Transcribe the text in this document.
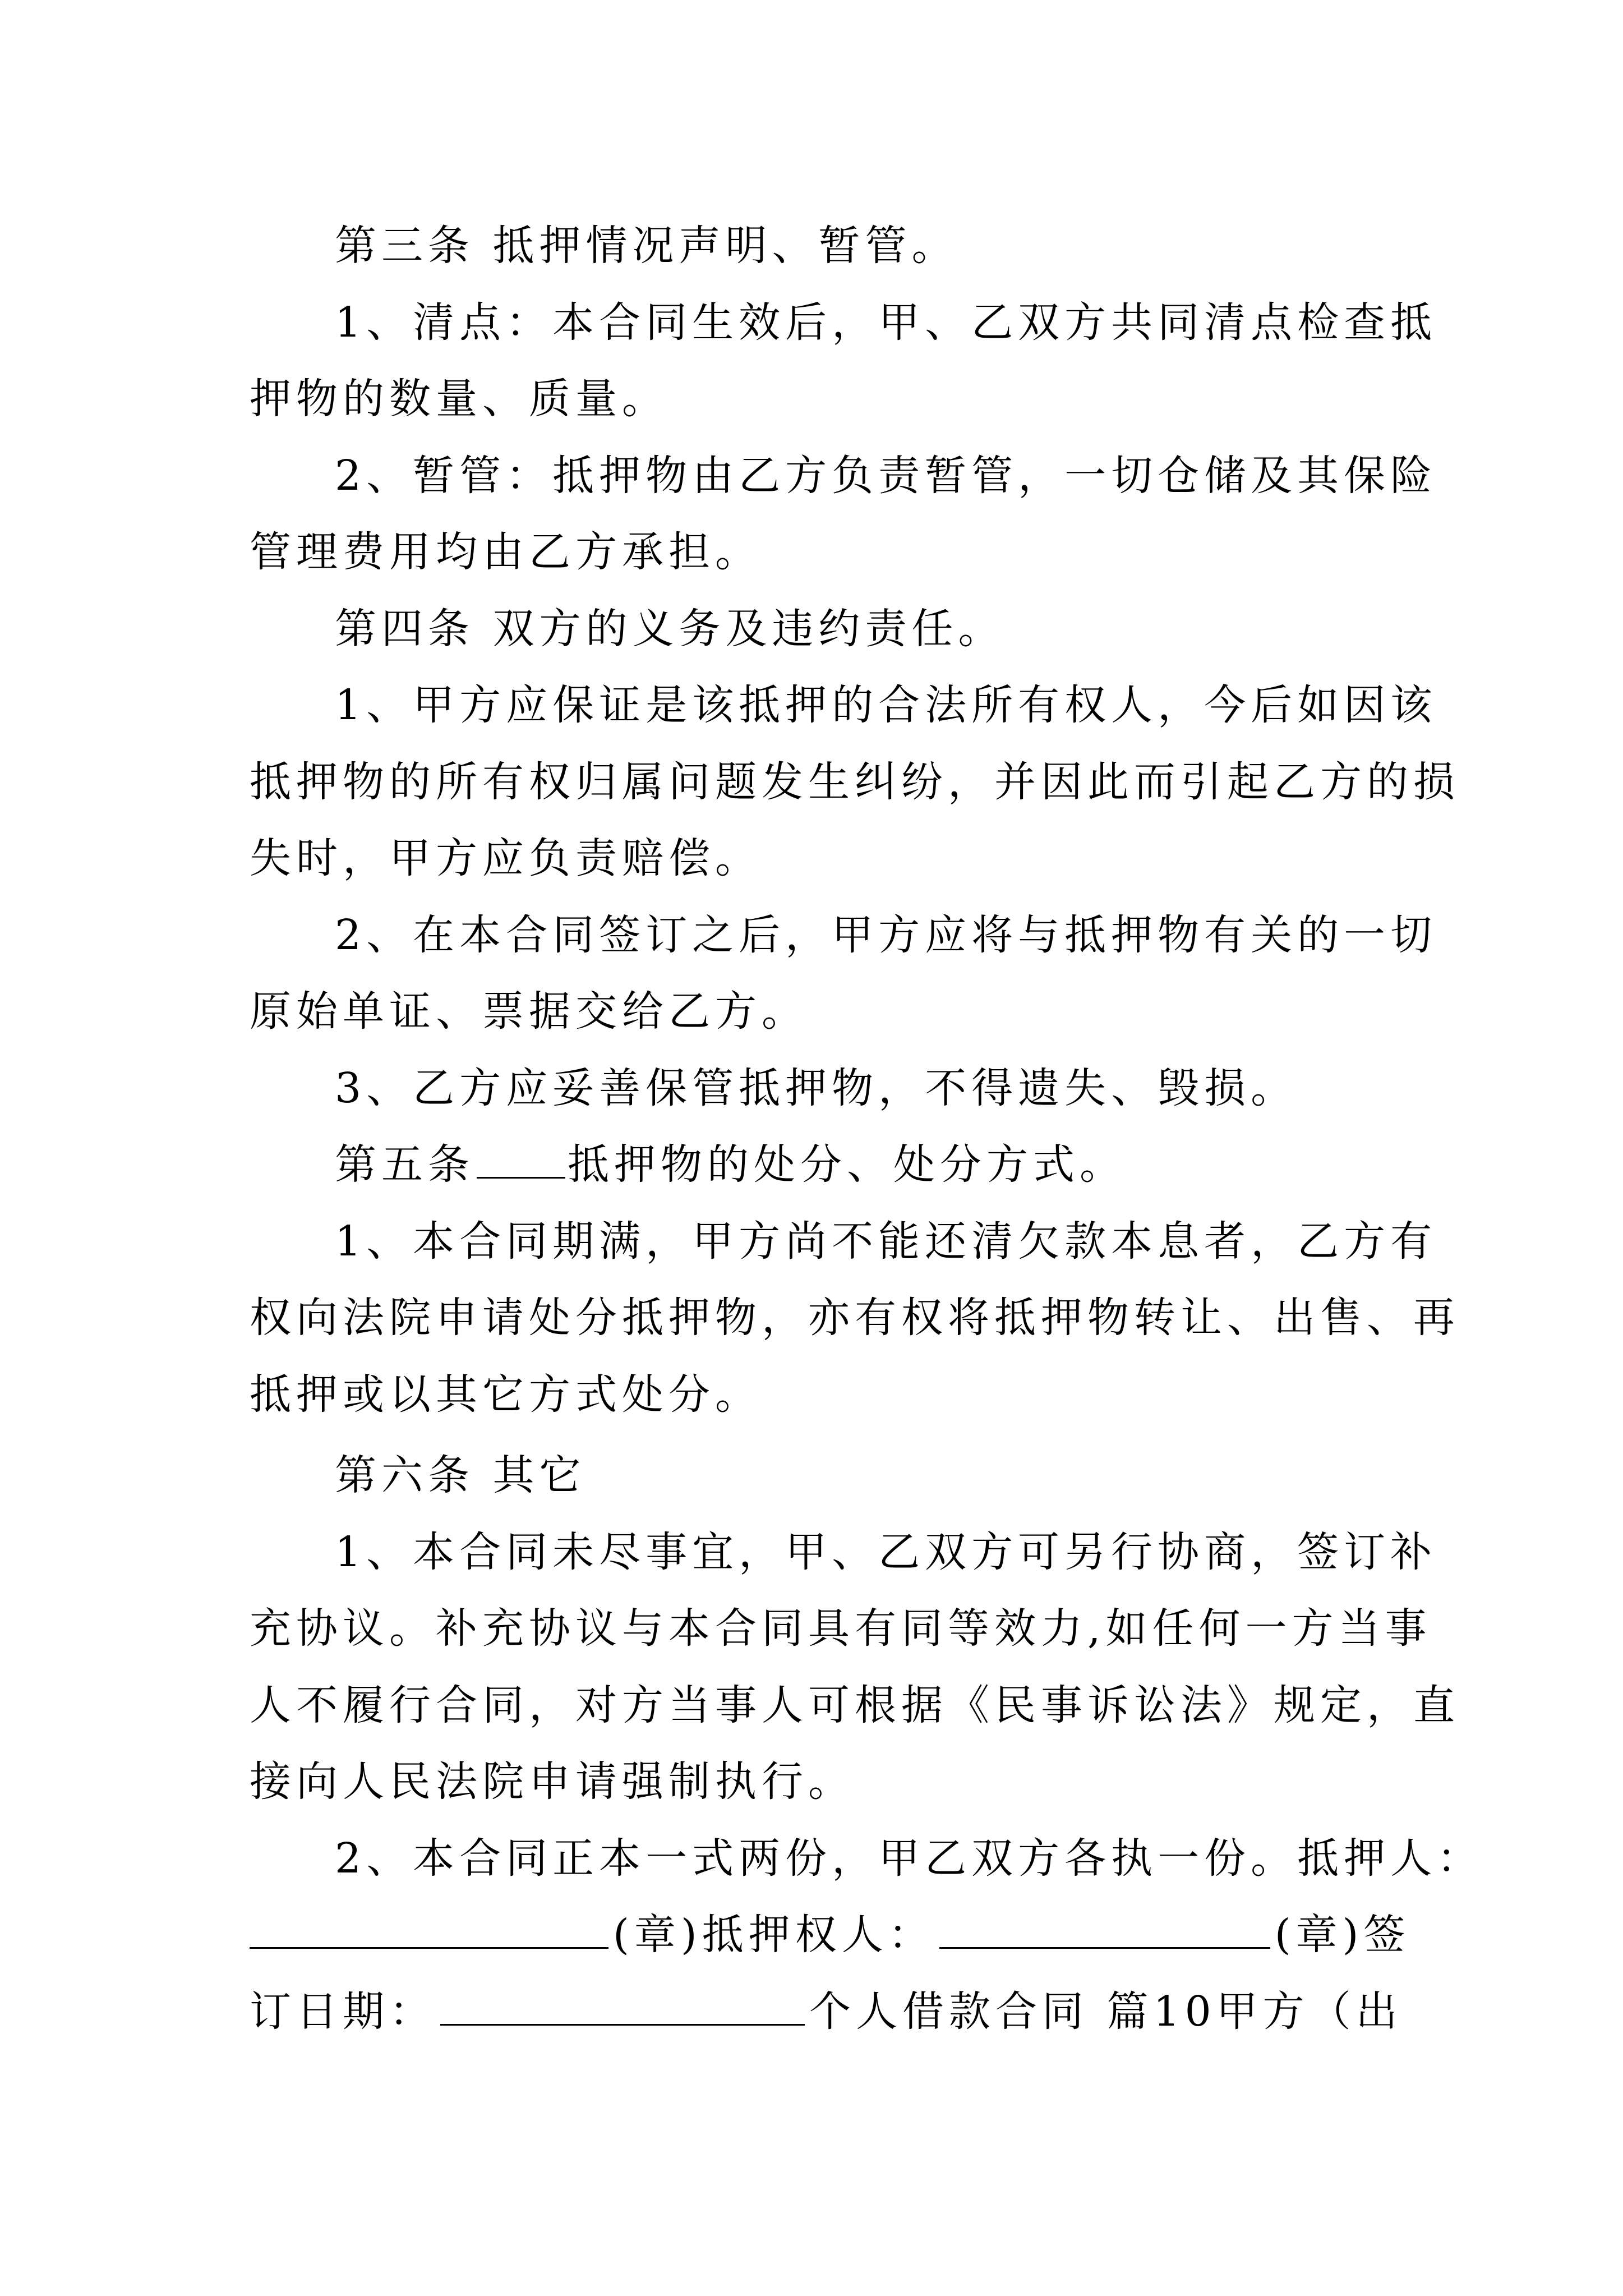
第三条 抵押情况声明、暂管。
1、清点：本合同生效后，甲、乙双方共同清点检查抵
押物的数量、质量。
2、暂管：抵押物由乙方负责暂管，一切仓储及其保险
管理费用均由乙方承担。
第四条 双方的义务及违约责任。
1、甲方应保证是该抵押的合法所有权人，今后如因该
抵押物的所有权归属问题发生纠纷，并因此而引起乙方的损
失时，甲方应负责赔偿。
2、在本合同签订之后，甲方应将与抵押物有关的一切
原始单证、票据交给乙方。
3、乙方应妥善保管抵押物，不得遗失、毁损。
第五条 抵押物的处分、处分方式。
1、本合同期满，甲方尚不能还清欠款本息者，乙方有
权向法院申请处分抵押物，亦有权将抵押物转让、出售、再
抵押或以其它方式处分。
第六条 其它
1、本合同未尽事宜，甲、乙双方可另行协商，签订补
充协议。补充协议与本合同具有同等效力,如任何一方当事
人不履行合同，对方当事人可根据《民事诉讼法》规定，直
接向人民法院申请强制执行。
2、本合同正本一式两份，甲乙双方各执一份。抵押人：
(章)抵押权人：	(章)签
订日期：	个人借款合同 篇10甲方（出
